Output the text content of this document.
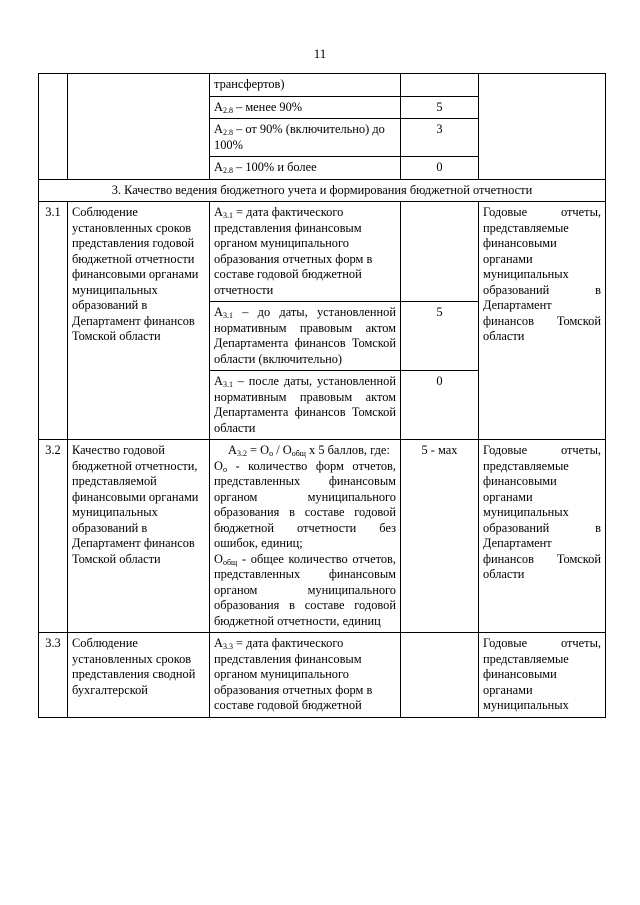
11
		трансфертов)		
		$А_{2.8}$ – менее 90%	5	
		$А_{2.8}$ – от 90% (включительно) до 100%	3	
		$А_{2.8} - 100\%$ и более	0	
3. Качество ведения бюджетного учета и формирования бюджетной отчетности				
3.1	Соблюдение установленных сроков представления годовой бюджетной отчетности финансовыми органами муниципальных образований в Департамент финансов Томской области	$А_{3.1}$ = дата фактического представления финансовым органом муниципального образования отчетных форм в составе годовой бюджетной отчетности		Годовые отчеты, представляемые финансовыми органами муниципальных образований в Департамент финансов Томской области
		$А_{3.1}$ – до даты, установленной нормативным правовым актом Департамента финансов Томской области (включительно)	5	
		$А_{3.1}$ – после даты, установленной нормативным правовым актом Департамента финансов Томской области	0	
3.2	Качество годовой бюджетной отчетности, представляемой финансовыми органами муниципальных образований в Департамент финансов Томской области	$А_{3.2} = О_о / О_{общ}$ х 5 баллов, где:
$О_о$ - количество форм отчетов, представленных финансовым органом муниципального образования в составе годовой бюджетной отчетности без ошибок, единиц;
$О_{общ}$ - общее количество отчетов, представленных финансовым органом муниципального образования в составе годовой бюджетной отчетности, единиц	5 - мах	Годовые отчеты, представляемые финансовыми органами муниципальных образований в Департамент финансов Томской области
3.3	Соблюдение установленных сроков представления сводной бухгалтерской	$А_{3.3}$ = дата фактического представления финансовым органом муниципального образования отчетных форм в составе годовой бюджетной		Годовые отчеты, представляемые финансовыми органами муниципальных
